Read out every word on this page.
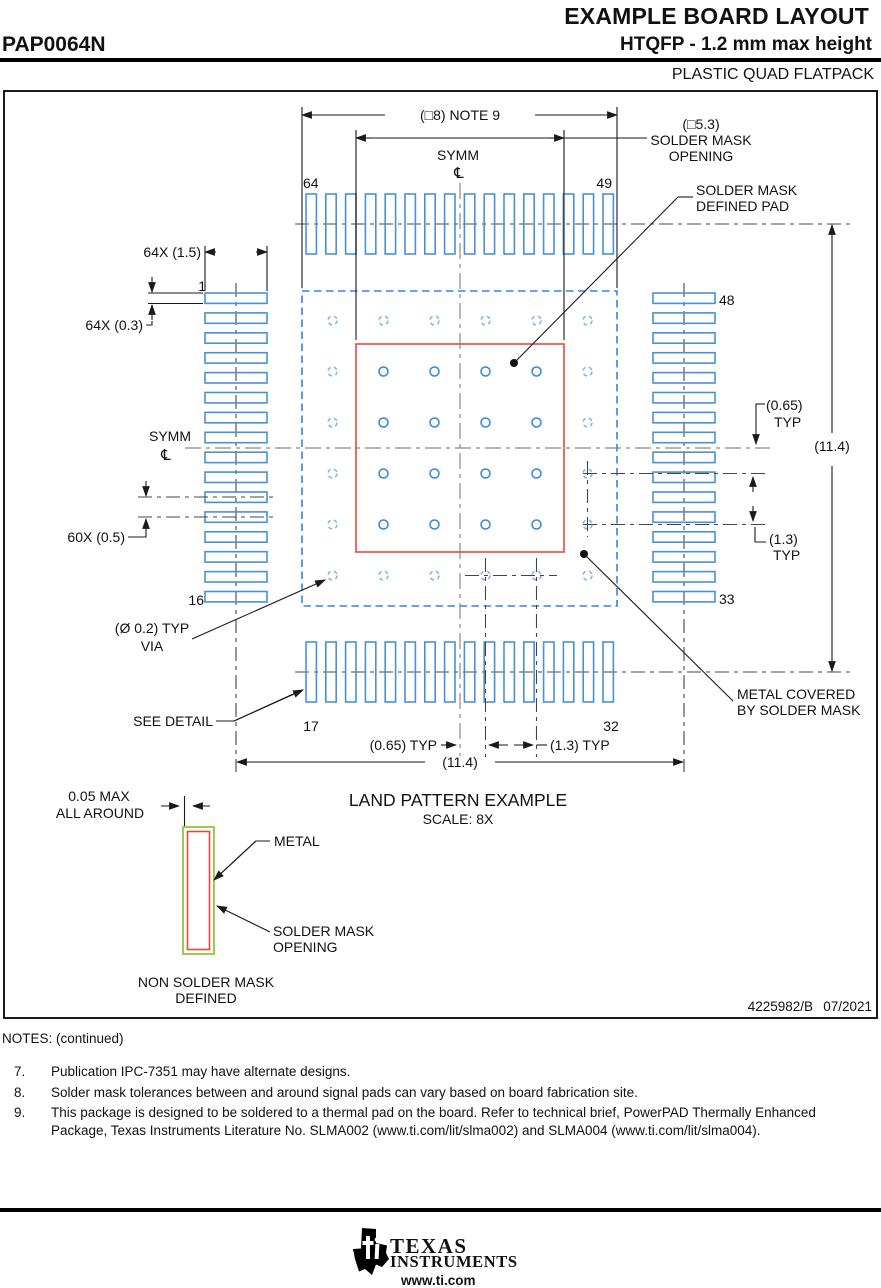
EXAMPLE BOARD LAYOUT
PAP0064N	HTQFP - 1.2 mm max height
PLASTIC QUAD FLATPACK
(□8) NOTE 9
(□5.3)
SOLDER MASK
OPENING
SYMM
℄
SYMM
℄
64	49
1
48
16	33
17	32
SOLDER MASK
DEFINED PAD
64X (1.5)
64X (0.3)
60X (0.5)
(Ø 0.2) TYP
VIA
SEE DETAIL
(0.65)
TYP
(1.3)
TYP
(11.4)
METAL COVERED
BY SOLDER MASK
(0.65) TYP	(1.3) TYP
(11.4)
LAND PATTERN EXAMPLE
SCALE: 8X
0.05 MAX
ALL AROUND
METAL
SOLDER MASK
OPENING
NON SOLDER MASK
DEFINED
4225982/B 07/2021
NOTES: (continued)
7.	Publication IPC-7351 may have alternate designs.
8.	Solder mask tolerances between and around signal pads can vary based on board fabrication site.
9.	This package is designed to be soldered to a thermal pad on the board. Refer to technical brief, PowerPAD Thermally Enhanced Package, Texas Instruments Literature No. SLMA002 (www.ti.com/lit/slma002) and SLMA004 (www.ti.com/lit/slma004).
TEXAS
INSTRUMENTS
www.ti.com
